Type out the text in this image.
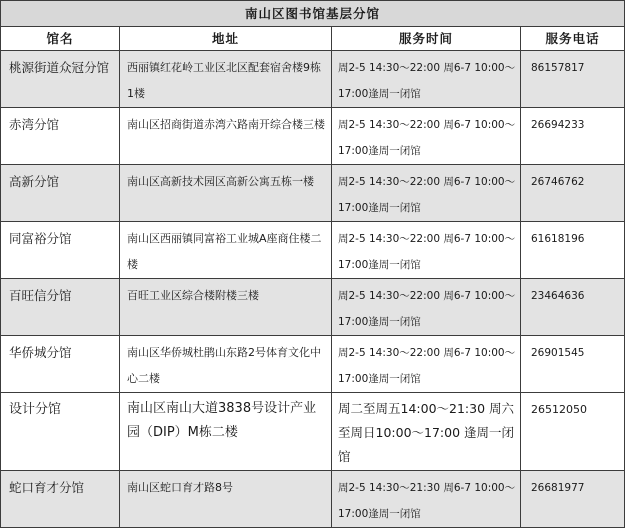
南山区图书馆基层分馆			
馆名	地址	服务时间	服务电话
桃源街道众冠分馆	西丽镇红花岭工业区北区配套宿舍楼9栋1楼	周2-5 14:30～22:00 周6-7 10:00～17:00逢周一闭馆	86157817
赤湾分馆	南山区招商街道赤湾六路南开综合楼三楼	周2-5 14:30～22:00 周6-7 10:00～17:00逢周一闭馆	26694233
高新分馆	南山区高新技术园区高新公寓五栋一楼	周2-5 14:30～22:00 周6-7 10:00～17:00逢周一闭馆	26746762
同富裕分馆	南山区西丽镇同富裕工业城A座商住楼二楼	周2-5 14:30～22:00 周6-7 10:00～17:00逢周一闭馆	61618196
百旺信分馆	百旺工业区综合楼附楼三楼	周2-5 14:30～22:00 周6-7 10:00～17:00逢周一闭馆	23464636
华侨城分馆	南山区华侨城杜鹃山东路2号体育文化中心二楼	周2-5 14:30～22:00 周6-7 10:00～17:00逢周一闭馆	26901545
设计分馆	南山区南山大道3838号设计产业园（DIP）M栋二楼	周二至周五14:00～21:30 周六至周日10:00～17:00 逢周一闭馆	26512050
蛇口育才分馆	南山区蛇口育才路8号	周2-5 14:30～21:30 周6-7 10:00～17:00逢周一闭馆	26681977
